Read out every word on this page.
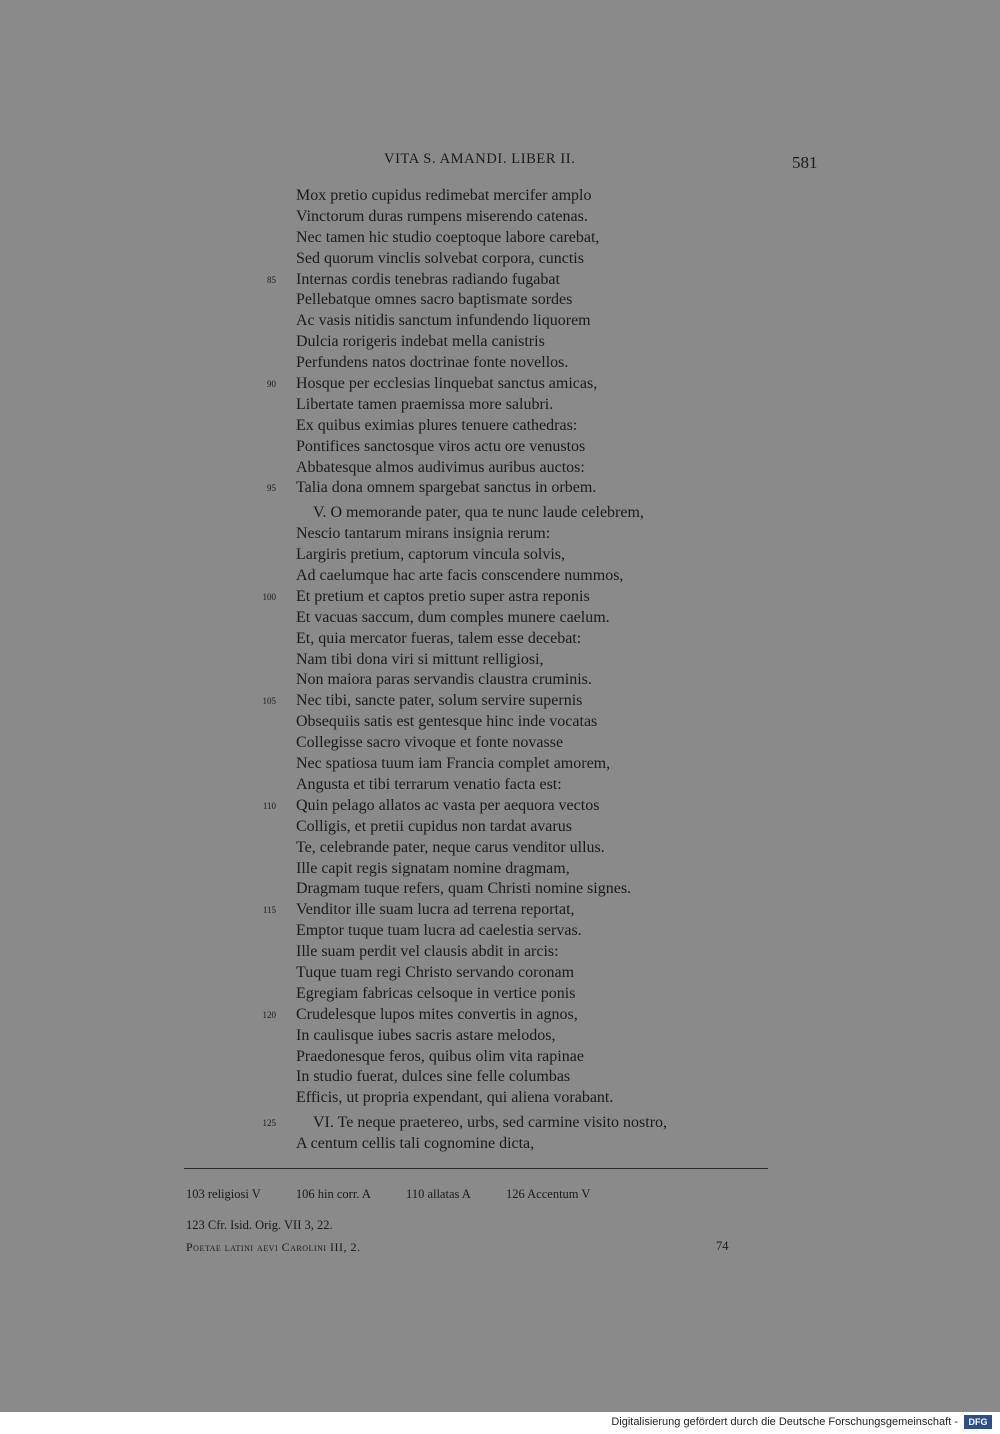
VITA S. AMANDI. LIBER II.	581
Mox pretio cupidus redimebat mercifer amplo
Vinctorum duras rumpens miserendo catenas.
Nec tamen hic studio coeptoque labore carebat,
Sed quorum vinclis solvebat corpora, cunctis
85 Internas cordis tenebras radiando fugabat
Pellebatque omnes sacro baptismate sordes
Ac vasis nitidis sanctum infundendo liquorem
Dulcia rorigeris indebat mella canistris
Perfundens natos doctrinae fonte novellos.
90 Hosque per ecclesias linquebat sanctus amicas,
Libertate tamen praemissa more salubri.
Ex quibus eximias plures tenuere cathedras:
Pontifices sanctosque viros actu ore venustos
Abbatesque almos audivimus auribus auctos:
95 Talia dona omnem spargebat sanctus in orbem.
V. O memorande pater, qua te nunc laude celebrem,
Nescio tantarum mirans insignia rerum:
Largiris pretium, captorum vincula solvis,
Ad caelumque hac arte facis conscendere nummos,
100 Et pretium et captos pretio super astra reponis
Et vacuas saccum, dum comples munere caelum.
Et, quia mercator fueras, talem esse decebat:
Nam tibi dona viri si mittunt relligiosi,
Non maiora paras servandis claustra cruminis.
105 Nec tibi, sancte pater, solum servire supernis
Obsequiis satis est gentesque hinc inde vocatas
Collegisse sacro vivoque et fonte novasse
Nec spatiosa tuum iam Francia complet amorem,
Angusta et tibi terrarum venatio facta est:
110 Quin pelago allatos ac vasta per aequora vectos
Colligis, et pretii cupidus non tardat avarus
Te, celebrande pater, neque carus venditor ullus.
Ille capit regis signatam nomine dragmam,
Dragmam tuque refers, quam Christi nomine signes.
115 Venditor ille suam lucra ad terrena reportat,
Emptor tuque tuam lucra ad caelestia servas.
Ille suam perdit vel clausis abdit in arcis:
Tuque tuam regi Christo servando coronam
Egregiam fabricas celsoque in vertice ponis
120 Crudelesque lupos mites convertis in agnos,
In caulisque iubes sacris astare melodos,
Praedonesque feros, quibus olim vita rapinae
In studio fuerat, dulces sine felle columbas
Efficis, ut propria expendant, qui aliena vorabant.
125 VI. Te neque praetereo, urbs, sed carmine visito nostro,
A centum cellis tali cognomine dicta,
103 religiosi V	106 hin corr. A	110 allatas A	126 Accentum V
123 Cfr. Isid. Orig. VII 3, 22.
Poetae latini aevi Carolini III, 2.	74
Digitalisierung gefördert durch die Deutsche Forschungsgemeinschaft -	DFG
